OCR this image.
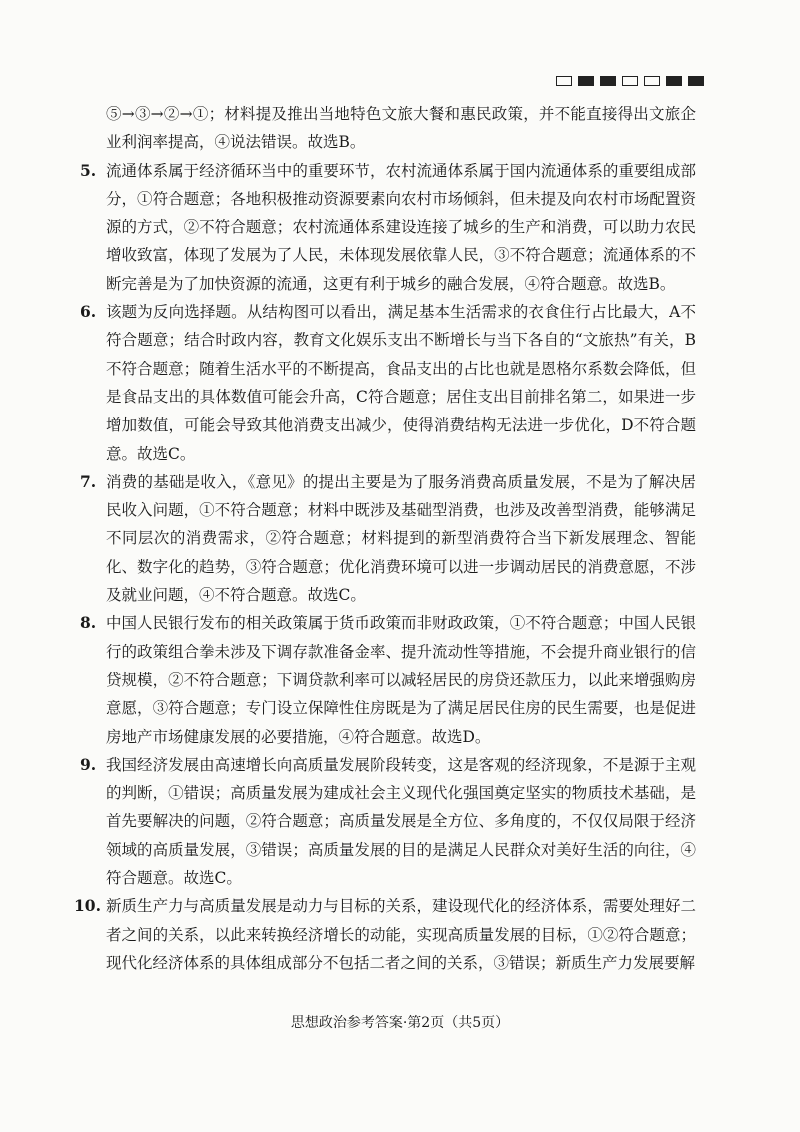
⑤→③→②→①；材料提及推出当地特色文旅大餐和惠民政策，并不能直接得出文旅企业利润率提高，④说法错误。故选B。

5. 流通体系属于经济循环当中的重要环节，农村流通体系属于国内流通体系的重要组成部分，①符合题意；各地积极推动资源要素向农村市场倾斜，但未提及向农村市场配置资源的方式，②不符合题意；农村流通体系建设连接了城乡的生产和消费，可以助力农民增收致富，体现了发展为了人民，未体现发展依靠人民，③不符合题意；流通体系的不断完善是为了加快资源的流通，这更有利于城乡的融合发展，④符合题意。故选B。

6. 该题为反向选择题。从结构图可以看出，满足基本生活需求的衣食住行占比最大，A不符合题意；结合时政内容，教育文化娱乐支出不断增长与当下各自的“文旅热”有关，B不符合题意；随着生活水平的不断提高，食品支出的占比也就是恩格尔系数会降低，但是食品支出的具体数值可能会升高，C符合题意；居住支出目前排名第二，如果进一步增加数值，可能会导致其他消费支出减少，使得消费结构无法进一步优化，D不符合题意。故选C。

7. 消费的基础是收入，《意见》的提出主要是为了服务消费高质量发展，不是为了解决居民收入问题，①不符合题意；材料中既涉及基础型消费，也涉及改善型消费，能够满足不同层次的消费需求，②符合题意；材料提到的新型消费符合当下新发展理念、智能化、数字化的趋势，③符合题意；优化消费环境可以进一步调动居民的消费意愿，不涉及就业问题，④不符合题意。故选C。

8. 中国人民银行发布的相关政策属于货币政策而非财政政策，①不符合题意；中国人民银行的政策组合拳未涉及下调存款准备金率、提升流动性等措施，不会提升商业银行的信贷规模，②不符合题意；下调贷款利率可以减轻居民的房贷还款压力，以此来增强购房意愿，③符合题意；专门设立保障性住房既是为了满足居民住房的民生需要，也是促进房地产市场健康发展的必要措施，④符合题意。故选D。

9. 我国经济发展由高速增长向高质量发展阶段转变，这是客观的经济现象，不是源于主观的判断，①错误；高质量发展为建成社会主义现代化强国奠定坚实的物质技术基础，是首先要解决的问题，②符合题意；高质量发展是全方位、多角度的，不仅仅局限于经济领域的高质量发展，③错误；高质量发展的目的是满足人民群众对美好生活的向往，④符合题意。故选C。

10. 新质生产力与高质量发展是动力与目标的关系，建设现代化的经济体系，需要处理好二者之间的关系，以此来转换经济增长的动能，实现高质量发展的目标，①②符合题意；现代化经济体系的具体组成部分不包括二者之间的关系，③错误；新质生产力发展要解

思想政治参考答案·第2页（共5页）
